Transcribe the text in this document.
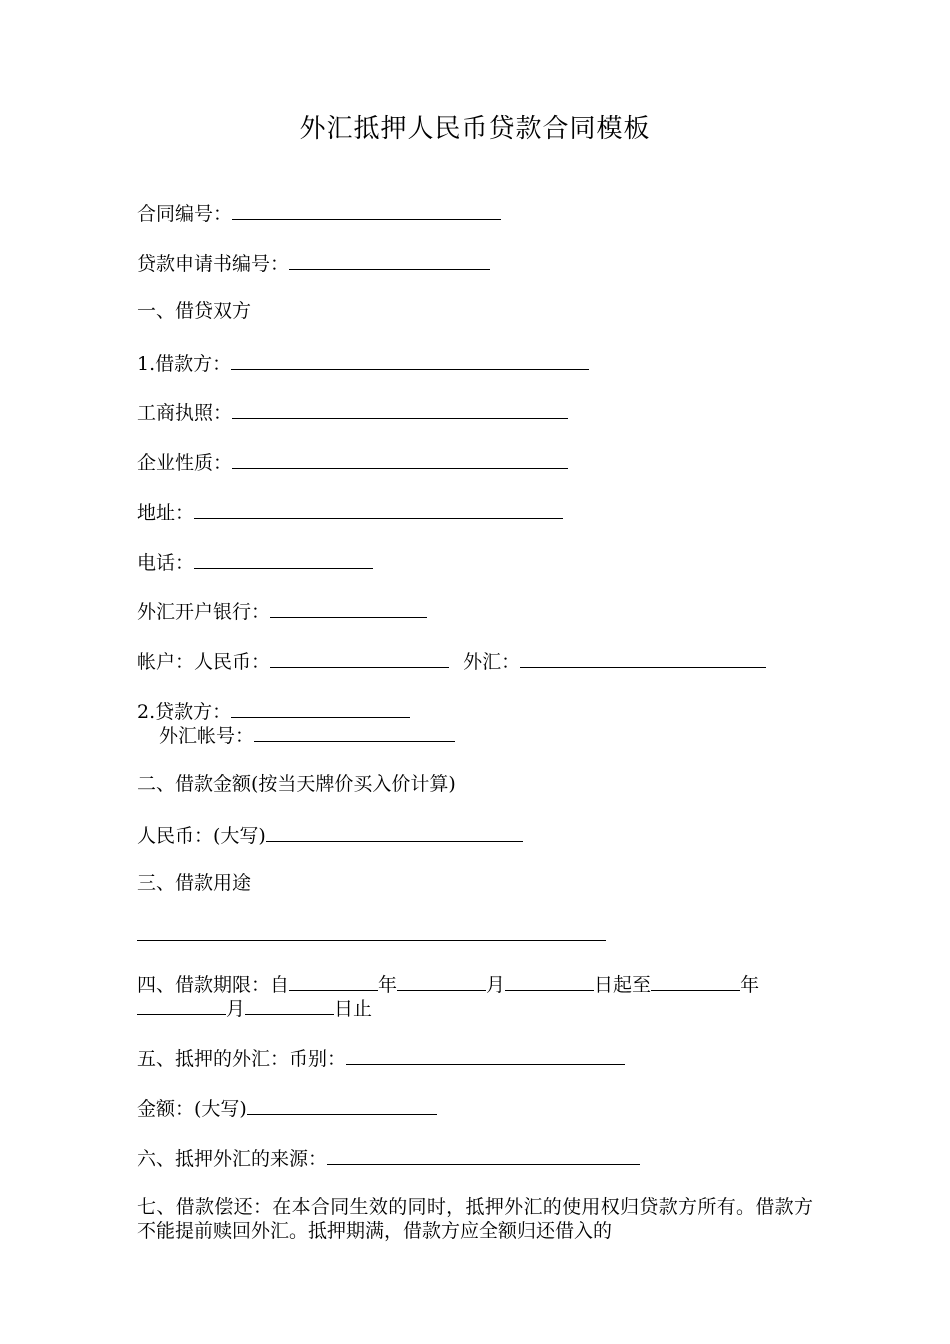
外汇抵押人民币贷款合同模板
合同编号：
贷款申请书编号：
一、借贷双方
1.借款方：
工商执照：
企业性质：
地址：
电话：
外汇开户银行：
帐户：人民币：	外汇：
2.贷款方：
外汇帐号：
二、借款金额(按当天牌价买入价计算)
人民币：(大写)
三、借款用途
四、借款期限：自	年	月	日起至	年
月	日止
五、抵押的外汇：币别：
金额：(大写)
六、抵押外汇的来源：
七、借款偿还：在本合同生效的同时，抵押外汇的使用权归贷款方所有。借款方不能提前赎回外汇。抵押期满，借款方应全额归还借入的
